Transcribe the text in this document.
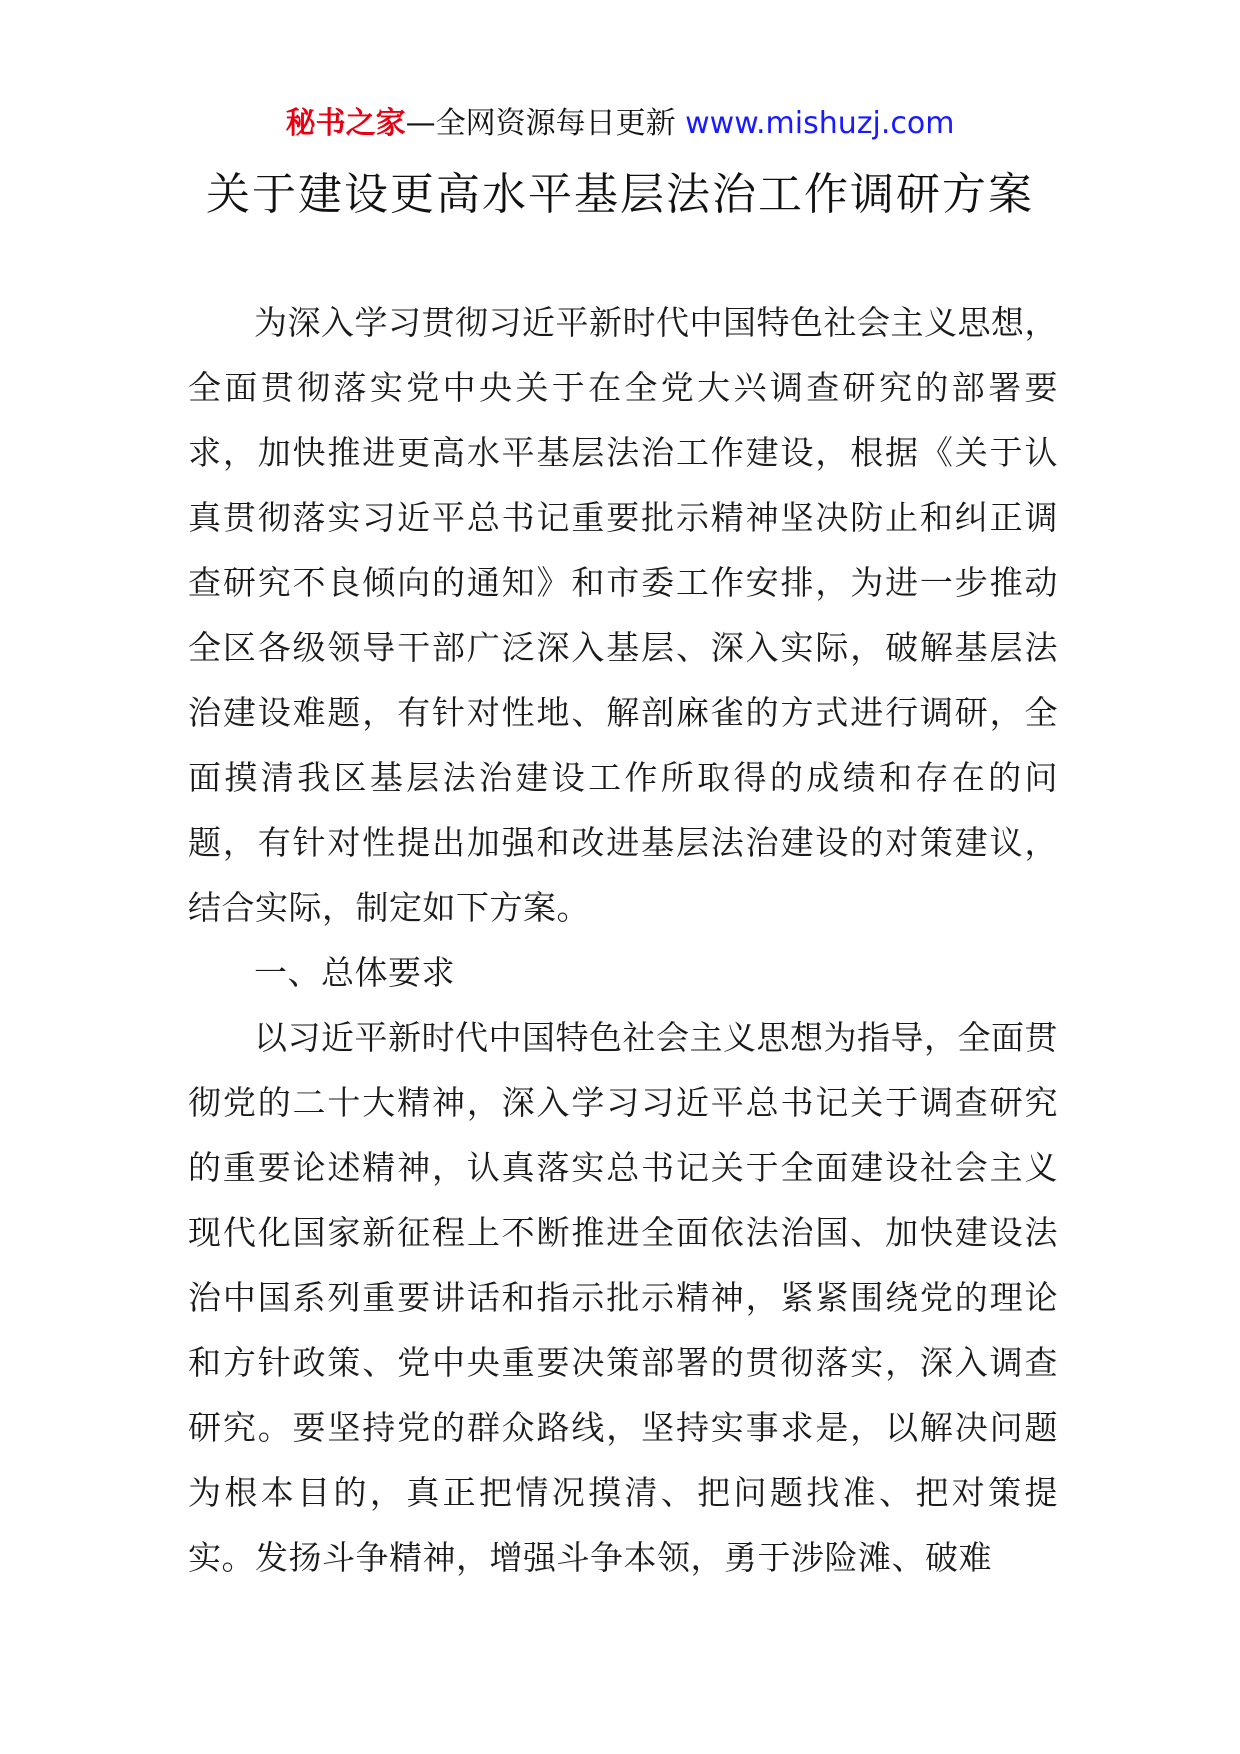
秘书之家—全网资源每日更新 www.mishuzj.com
关于建设更高水平基层法治工作调研方案

为深入学习贯彻习近平新时代中国特色社会主义思想，全面贯彻落实党中央关于在全党大兴调查研究的部署要求，加快推进更高水平基层法治工作建设，根据《关于认真贯彻落实习近平总书记重要批示精神坚决防止和纠正调查研究不良倾向的通知》和市委工作安排，为进一步推动全区各级领导干部广泛深入基层、深入实际，破解基层法治建设难题，有针对性地、解剖麻雀的方式进行调研，全面摸清我区基层法治建设工作所取得的成绩和存在的问题，有针对性提出加强和改进基层法治建设的对策建议，结合实际，制定如下方案。

一、总体要求

以习近平新时代中国特色社会主义思想为指导，全面贯彻党的二十大精神，深入学习习近平总书记关于调查研究的重要论述精神，认真落实总书记关于全面建设社会主义现代化国家新征程上不断推进全面依法治国、加快建设法治中国系列重要讲话和指示批示精神，紧紧围绕党的理论和方针政策、党中央重要决策部署的贯彻落实，深入调查研究。要坚持党的群众路线，坚持实事求是，以解决问题为根本目的，真正把情况摸清、把问题找准、把对策提实。发扬斗争精神，增强斗争本领，勇于涉险滩、破难
